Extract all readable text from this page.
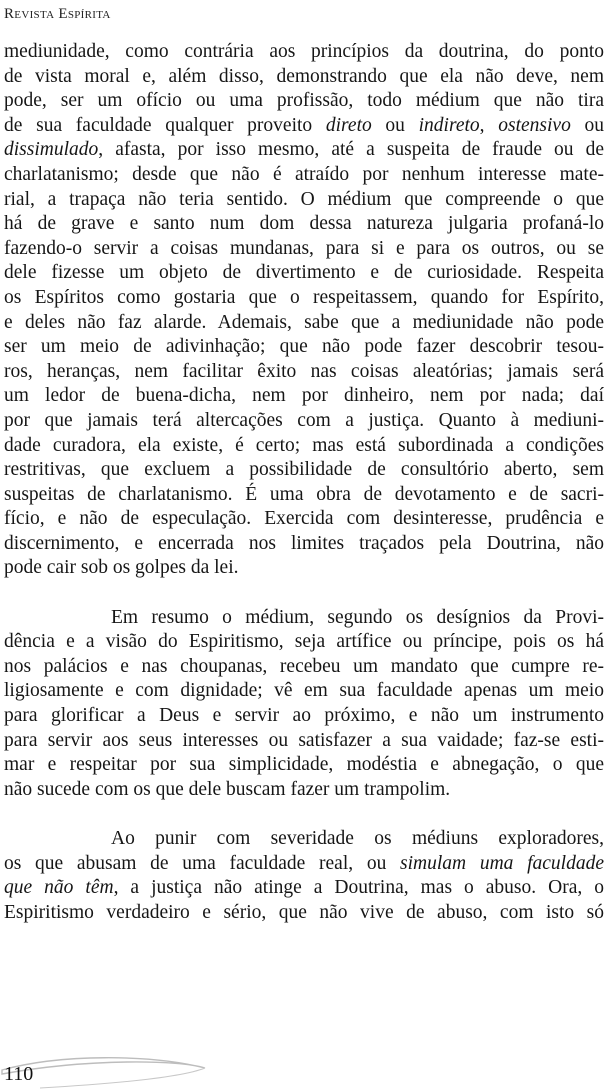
Revista Espírita
mediunidade, como contrária aos princípios da doutrina, do ponto
de vista moral e, além disso, demonstrando que ela não deve, nem
pode, ser um ofício ou uma profissão, todo médium que não tira
de sua faculdade qualquer proveito direto ou indireto, ostensivo ou
dissimulado, afasta, por isso mesmo, até a suspeita de fraude ou de
charlatanismo; desde que não é atraído por nenhum interesse mate-
rial, a trapaça não teria sentido. O médium que compreende o que
há de grave e santo num dom dessa natureza julgaria profaná-lo
fazendo-o servir a coisas mundanas, para si e para os outros, ou se
dele fizesse um objeto de divertimento e de curiosidade. Respeita
os Espíritos como gostaria que o respeitassem, quando for Espírito,
e deles não faz alarde. Ademais, sabe que a mediunidade não pode
ser um meio de adivinhação; que não pode fazer descobrir tesou-
ros, heranças, nem facilitar êxito nas coisas aleatórias; jamais será
um ledor de buena-dicha, nem por dinheiro, nem por nada; daí
por que jamais terá altercações com a justiça. Quanto à mediuni-
dade curadora, ela existe, é certo; mas está subordinada a condições
restritivas, que excluem a possibilidade de consultório aberto, sem
suspeitas de charlatanismo. É uma obra de devotamento e de sacri-
fício, e não de especulação. Exercida com desinteresse, prudência e
discernimento, e encerrada nos limites traçados pela Doutrina, não
pode cair sob os golpes da lei.
Em resumo o médium, segundo os desígnios da Provi-
dência e a visão do Espiritismo, seja artífice ou príncipe, pois os há
nos palácios e nas choupanas, recebeu um mandato que cumpre re-
ligiosamente e com dignidade; vê em sua faculdade apenas um meio
para glorificar a Deus e servir ao próximo, e não um instrumento
para servir aos seus interesses ou satisfazer a sua vaidade; faz-se esti-
mar e respeitar por sua simplicidade, modéstia e abnegação, o que
não sucede com os que dele buscam fazer um trampolim.
Ao punir com severidade os médiuns exploradores,
os que abusam de uma faculdade real, ou simulam uma faculdade
que não têm, a justiça não atinge a Doutrina, mas o abuso. Ora, o
Espiritismo verdadeiro e sério, que não vive de abuso, com isto só
110
